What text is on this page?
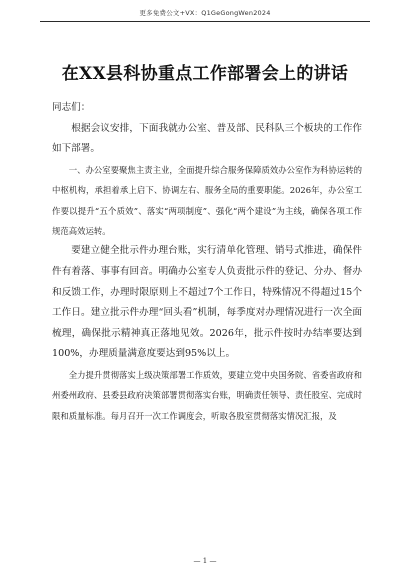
更多免费公文+VX：Q1GeGongWen2024
在XX县科协重点工作部署会上的讲话

同志们：

根据会议安排，下面我就办公室、普及部、民科队三个板块的工作作如下部署。

一、办公室要聚焦主责主业，全面提升综合服务保障质效办公室作为科协运转的中枢机构，承担着承上启下、协调左右、服务全局的重要职能。2026年，办公室工作要以提升“五个质效”、落实“两项制度”、强化“两个建设”为主线，确保各项工作规范高效运转。

要建立健全批示件办理台账，实行清单化管理、销号式推进，确保件件有着落、事事有回音。明确办公室专人负责批示件的登记、分办、督办和反馈工作，办理时限原则上不超过7个工作日，特殊情况不得超过15个工作日。建立批示件办理“回头看”机制，每季度对办理情况进行一次全面梳理，确保批示精神真正落地见效。2026年，批示件按时办结率要达到100%，办理质量满意度要达到95%以上。

全力提升贯彻落实上级决策部署工作质效，要建立党中央国务院、省委省政府和州委州政府、县委县政府决策部署贯彻落实台账，明确责任领导、责任股室、完成时限和质量标准。每月召开一次工作调度会，听取各股室贯彻落实情况汇报，及

— 1 —
